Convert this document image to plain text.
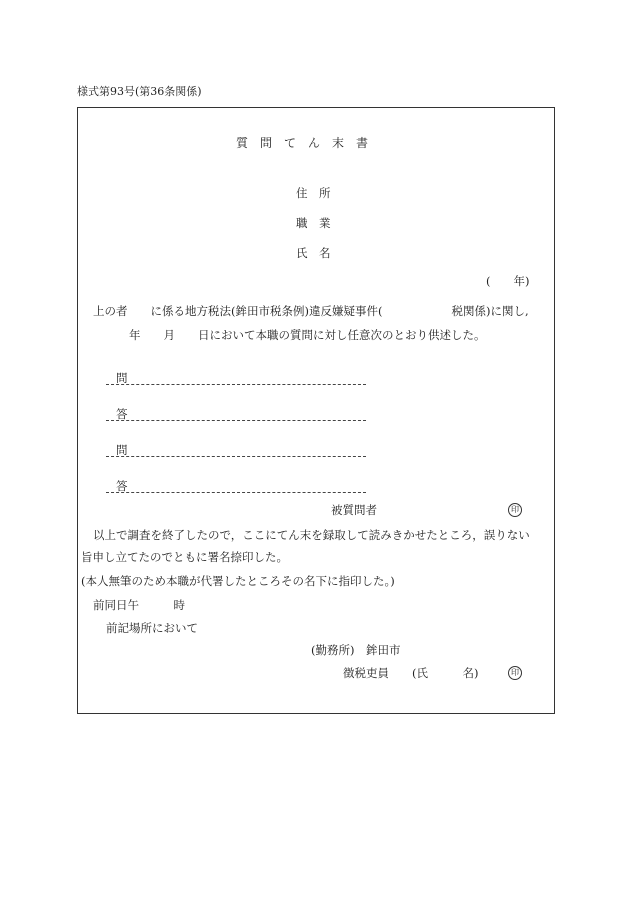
様式第93号(第36条関係)
質　問　て　ん　末　書
住　所
職　業
氏　名
(　　年)
上の者　　に係る地方税法(鉾田市税条例)違反嫌疑事件(　　　　　　税関係)に関し,
　　年　　月　　日において本職の質問に対し任意次のとおり供述した。
問
答
問
答
被質問者	印
以上で調査を終了したので，ここにてん末を録取して読みきかせたところ，誤りない
旨申し立てたのでともに署名捺印した。
(本人無筆のため本職が代署したところその名下に指印した。)
前同日午　　　時
前記場所において
(勤務所)　鉾田市
徴税吏員　　(氏　　　名)	印
